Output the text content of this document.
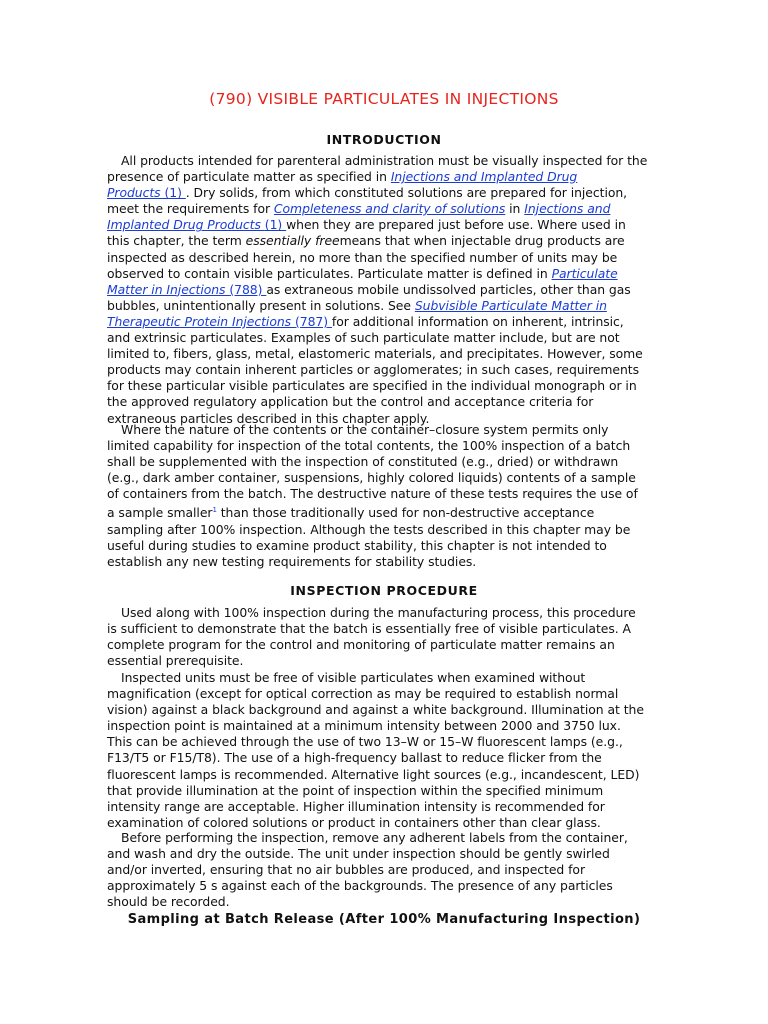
(790) VISIBLE PARTICULATES IN INJECTIONS
INTRODUCTION
All products intended for parenteral administration must be visually inspected for the
presence of particulate matter as specified in Injections and Implanted Drug
Products (1) . Dry solids, from which constituted solutions are prepared for injection,
meet the requirements for Completeness and clarity of solutions in Injections and
Implanted Drug Products (1) when they are prepared just before use. Where used in
this chapter, the term essentially freemeans that when injectable drug products are
inspected as described herein, no more than the specified number of units may be
observed to contain visible particulates. Particulate matter is defined in Particulate
Matter in Injections (788) as extraneous mobile undissolved particles, other than gas
bubbles, unintentionally present in solutions. See Subvisible Particulate Matter in
Therapeutic Protein Injections (787) for additional information on inherent, intrinsic,
and extrinsic particulates. Examples of such particulate matter include, but are not
limited to, fibers, glass, metal, elastomeric materials, and precipitates. However, some
products may contain inherent particles or agglomerates; in such cases, requirements
for these particular visible particulates are specified in the individual monograph or in
the approved regulatory application but the control and acceptance criteria for
extraneous particles described in this chapter apply.
Where the nature of the contents or the container–closure system permits only
limited capability for inspection of the total contents, the 100% inspection of a batch
shall be supplemented with the inspection of constituted (e.g., dried) or withdrawn
(e.g., dark amber container, suspensions, highly colored liquids) contents of a sample
of containers from the batch. The destructive nature of these tests requires the use of
a sample smaller$^1$ than those traditionally used for non-destructive acceptance
sampling after 100% inspection. Although the tests described in this chapter may be
useful during studies to examine product stability, this chapter is not intended to
establish any new testing requirements for stability studies.
INSPECTION PROCEDURE
Used along with 100% inspection during the manufacturing process, this procedure
is sufficient to demonstrate that the batch is essentially free of visible particulates. A
complete program for the control and monitoring of particulate matter remains an
essential prerequisite.
Inspected units must be free of visible particulates when examined without
magnification (except for optical correction as may be required to establish normal
vision) against a black background and against a white background. Illumination at the
inspection point is maintained at a minimum intensity between 2000 and 3750 lux.
This can be achieved through the use of two 13–W or 15–W fluorescent lamps (e.g.,
F13/T5 or F15/T8). The use of a high-frequency ballast to reduce flicker from the
fluorescent lamps is recommended. Alternative light sources (e.g., incandescent, LED)
that provide illumination at the point of inspection within the specified minimum
intensity range are acceptable. Higher illumination intensity is recommended for
examination of colored solutions or product in containers other than clear glass.
Before performing the inspection, remove any adherent labels from the container,
and wash and dry the outside. The unit under inspection should be gently swirled
and/or inverted, ensuring that no air bubbles are produced, and inspected for
approximately 5 s against each of the backgrounds. The presence of any particles
should be recorded.
Sampling at Batch Release (After 100% Manufacturing Inspection)
